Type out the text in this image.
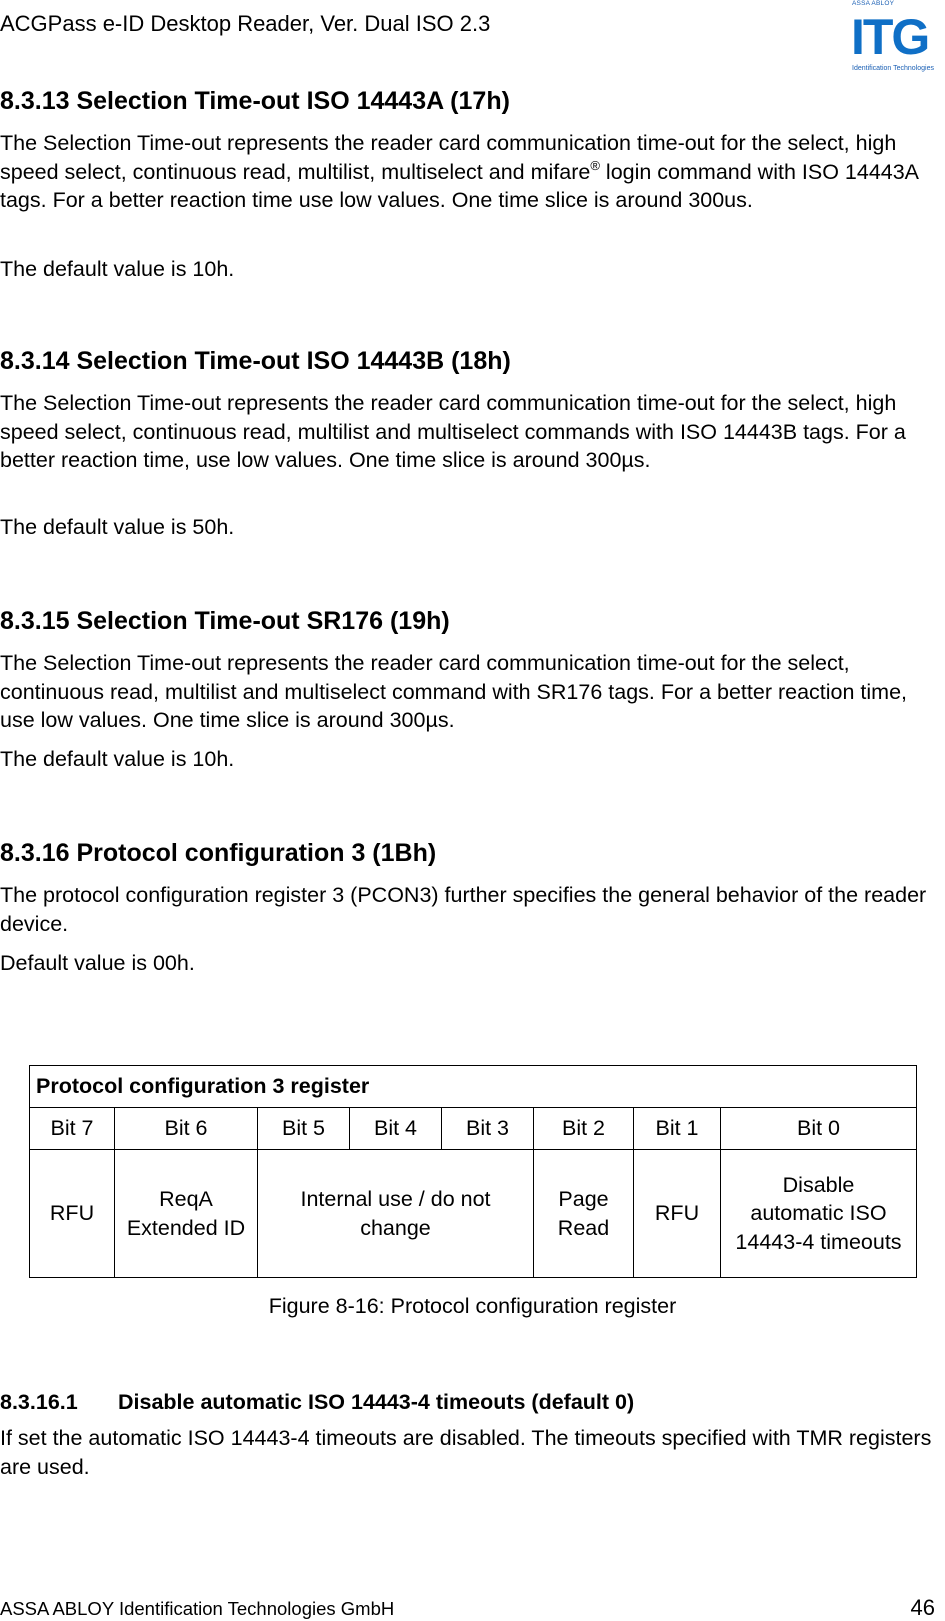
ACGPass e-ID Desktop Reader, Ver. Dual ISO 2.3
ASSA ABLOY
ITG
Identification Technologies
8.3.13 Selection Time-out ISO 14443A (17h)

The Selection Time-out represents the reader card communication time-out for the select, high speed select, continuous read, multilist, multiselect and mifare® login command with ISO 14443A tags. For a better reaction time use low values. One time slice is around 300us.

The default value is 10h.

8.3.14 Selection Time-out ISO 14443B (18h)

The Selection Time-out represents the reader card communication time-out for the select, high speed select, continuous read, multilist and multiselect commands with ISO 14443B tags. For a better reaction time, use low values. One time slice is around 300µs.

The default value is 50h.

8.3.15 Selection Time-out SR176 (19h)

The Selection Time-out represents the reader card communication time-out for the select, continuous read, multilist and multiselect command with SR176 tags. For a better reaction time, use low values. One time slice is around 300µs.

The default value is 10h.

8.3.16 Protocol configuration 3 (1Bh)

The protocol configuration register 3 (PCON3) further specifies the general behavior of the reader device.

Default value is 00h.

Protocol configuration 3 register							
Bit 7	Bit 6	Bit 5	Bit 4	Bit 3	Bit 2	Bit 1	Bit 0
RFU	ReqA Extended ID	Internal use / do not change			Page Read	RFU	Disable automatic ISO 14443-4 timeouts
Figure 8-16: Protocol configuration register
8.3.16.1 Disable automatic ISO 14443-4 timeouts (default 0)

If set the automatic ISO 14443-4 timeouts are disabled. The timeouts specified with TMR registers are used.

ASSA ABLOY Identification Technologies GmbH	46
